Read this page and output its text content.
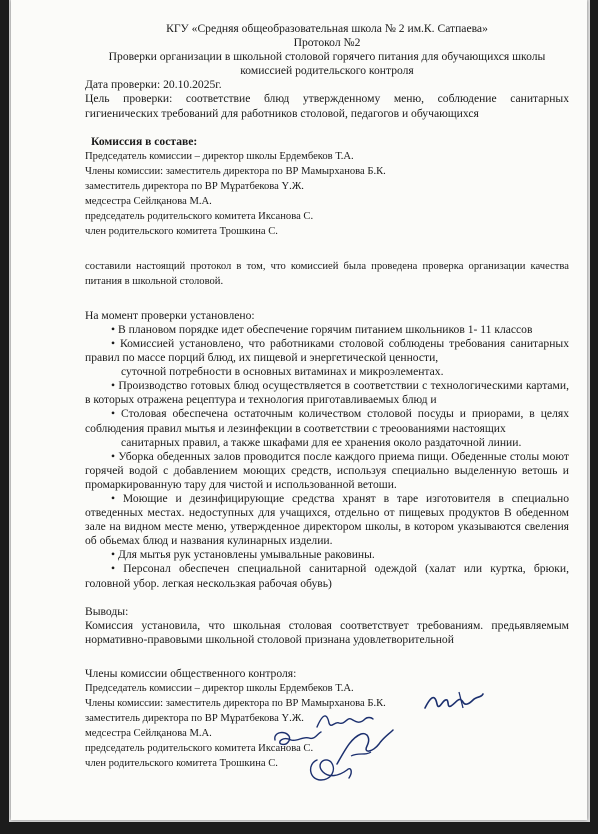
КГУ «Средняя общеобразовательная школа № 2 им.К. Сатпаева»

Протокол №2

Проверки организации в школьной столовой горячего питания для обучающихся школы

комиссией родительского контроля

Дата проверки: 20.10.2025г.

Цель проверки: соответствие блюд утвержденному меню, соблюдение санитарных гигиенических требований для работников столовой, педагогов и обучающихся

Комиссия в составе:

Председатель комиссии – директор школы Ердембеков Т.А.

Члены комиссии: заместитель директора по ВР Мамырханова Б.К.

заместитель директора по ВР Мұратбекова Ү.Ж.

медсестра Сейлқанова М.А.

председатель родительского комитета Иксанова С.

член родительского комитета Трошкина С.

составили настоящий протокол в том, что комиссией была проведена проверка организации качества питания в школьной столовой.

На момент проверки установлено:

• В плановом порядке идет обеспечение горячим питанием школьников 1- 11 классов

• Комиссией установлено, что работниками столовой соблюдены требования санитарных правил по массе порций блюд, их пищевой и энергетической ценности,

суточной потребности в основных витаминах и микроэлементах.

• Производство готовых блюд осуществляется в соответствии с технологическими картами, в которых отражена рецептура и технология приготавливаемых блюд и

• Столовая обеспечена остаточным количеством столовой посуды и приорами, в целях соблюдения правил мытья и лезинфекции в соответствии с треоованиями настоящих

санитарных правил, а также шкафами для ее хранения около раздаточной линии.

• Уборка обеденных залов проводится после каждого приема пищи. Обеденные столы моют горячей водой с добавлением моющих средств, используя специально выделенную ветошь и промаркированную тару для чистой и использованной ветоши.

• Моющие и дезинфицирующие средства хранят в таре изготовителя в специально отведенных местах. недоступных для учащихся, отдельно от пищевых продуктов В обеденном зале на видном месте меню, утвержденное директором школы, в котором указываются свеления об обьемах блюд и названия кулинарных изделии.

• Для мытья рук установлены умывальные раковины.

• Персонал обеспечен специальной санитарной одеждой (халат или куртка, брюки, головной убор. легкая нескользкая рабочая обувь)

Выводы:

Комиссия установила, что школьная столовая соответствует требованиям. предьявляемым нормативно-правовыми школьной столовой признана удовлетворительной

Члены комиссии общественного контроля:

Председатель комиссии – директор школы Ердембеков Т.А.

Члены комиссии: заместитель директора по ВР Мамырханова Б.К.

заместитель директора по ВР Мұратбекова Ү.Ж.

медсестра Сейлқанова М.А.

председатель родительского комитета Иксанова С.

член родительского комитета Трошкина С.
